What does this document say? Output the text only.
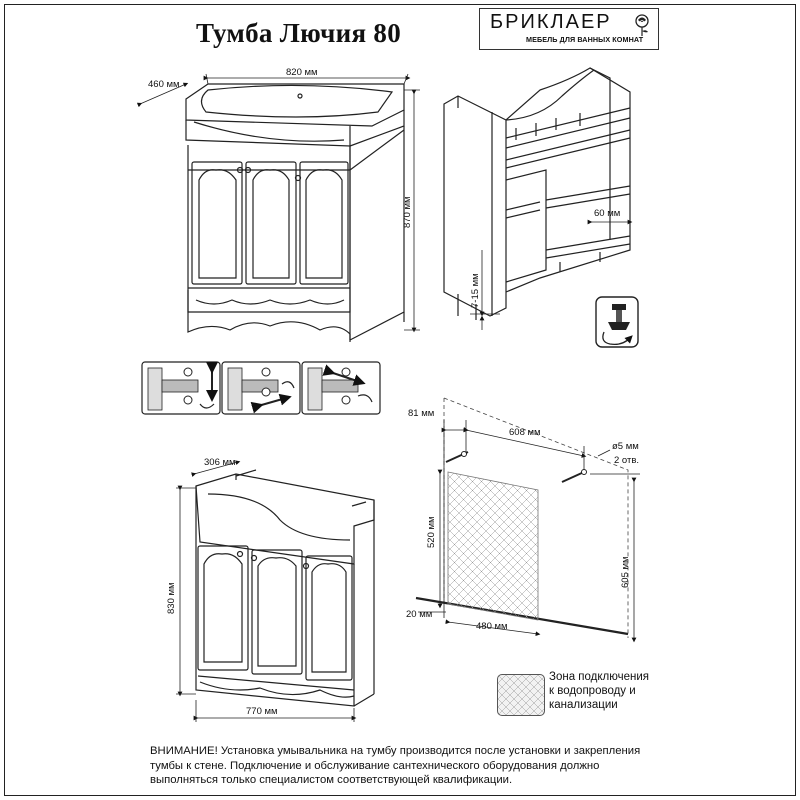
Тумба Лючия 80	БРИКЛАЕР
МЕБЕЛЬ ДЛЯ ВАННЫХ КОМНАТ
460 мм
820 мм
870 мм	60 мм
7-15 мм
306 мм
830 мм
770 мм
81 мм
608 мм
ø5 мм
2 отв.
520 мм
605 мм
20 мм
480 мм
Зона подключения
к водопроводу и
канализации
ВНИМАНИЕ! Установка умывальника на тумбу производится после установки и закрепления тумбы к стене. Подключение и обслуживание сантехнического оборудования должно выполняться только специалистом соответствующей квалификации.
